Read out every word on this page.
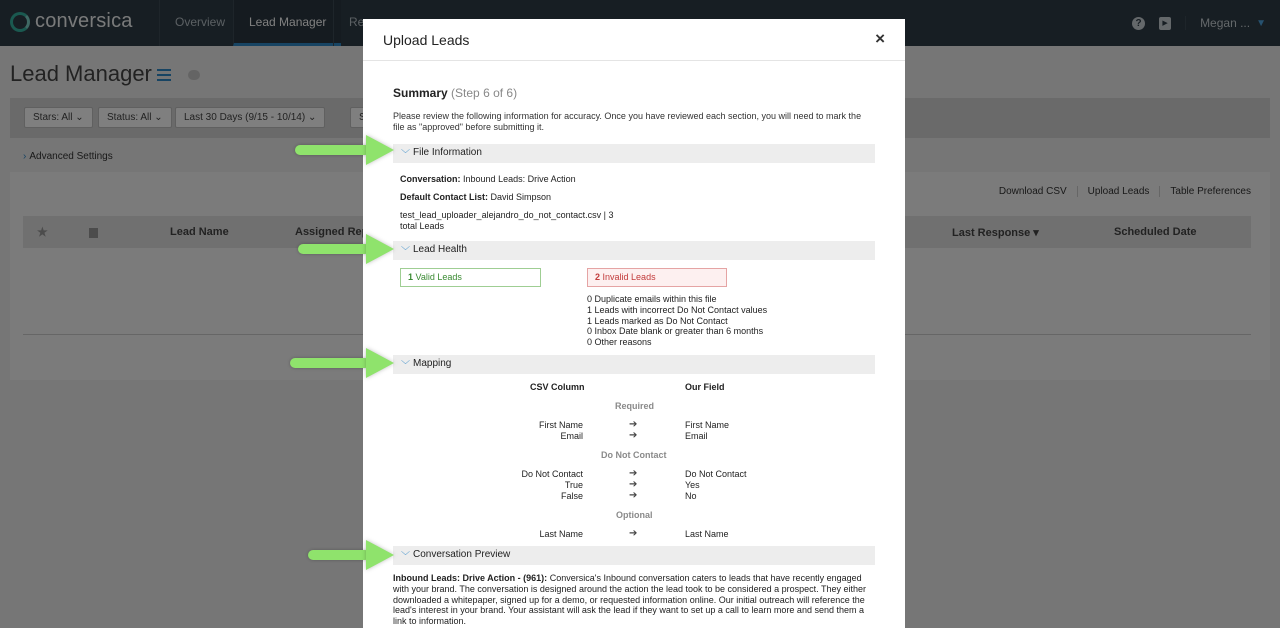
Upload Leads	×
Summary (Step 6 of 6)
Please review the following information for accuracy. Once you have reviewed each section, you will need to mark the file as "approved" before submitting it.
﹀ File Information
Conversation: Inbound Leads: Drive Action
Default Contact List: David Simpson
test_lead_uploader_alejandro_do_not_contact.csv | 3
total Leads
﹀ Lead Health
1 Valid Leads	2 Invalid Leads
0 Duplicate emails within this file
1 Leads with incorrect Do Not Contact values
1 Leads marked as Do Not Contact
0 Inbox Date blank or greater than 6 months
0 Other reasons
﹀ Mapping
CSV Column	Our Field
Required
First Name	➔	First Name
Email	➔	Email
Do Not Contact
Do Not Contact	➔	Do Not Contact
True	➔	Yes
False	➔	No
Optional
Last Name	➔	Last Name
﹀ Conversation Preview
Inbound Leads: Drive Action - (961): Conversica's Inbound conversation caters to leads that have recently engaged with your brand. The conversation is designed around the action the lead took to be considered a prospect. They either downloaded a whitepaper, signed up for a demo, or requested information online. Our initial outreach will reference the lead's interest in your brand. Your assistant will ask the lead if they want to set up a call to learn more and send them a link to information.
